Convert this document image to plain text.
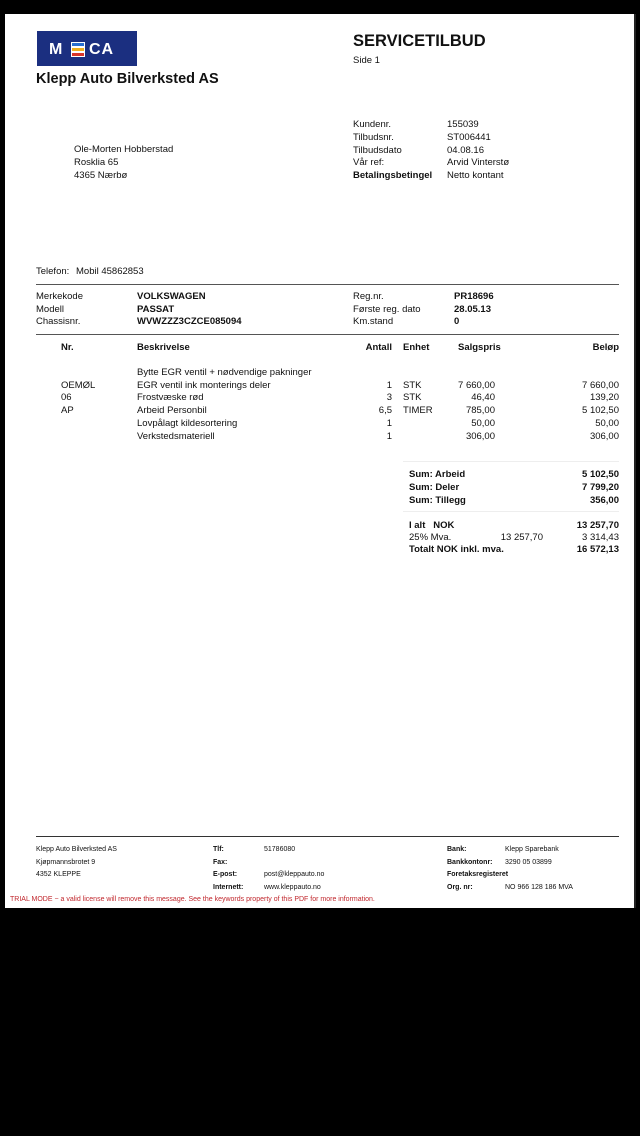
M CA
Klepp Auto Bilverksted AS
SERVICETILBUD
Side 1
Ole-Morten Hobberstad
Rosklia 65
4365 Nærbø
Kundenr.	155039
Tilbudsnr.	ST006441
Tilbudsdato	04.08.16
Vår ref:	Arvid Vinterstø
Betalingsbetingel Netto kontant
Telefon: Mobil 45862853
Merkekode	VOLKSWAGEN
Modell	PASSAT
Chassisnr.	WVWZZZ3CZCE085094
Reg.nr.	PR18696
Første reg. dato	28.05.13
Km.stand	0
Nr.	Beskrivelse	Antall Enhet	Salgspris	Beløp
Bytte EGR ventil + nødvendige pakninger
OEMØL	EGR ventil ink monterings deler	1 STK	7 660,00	7 660,00
06	Frostvæske rød	3 STK	46,40	139,20
AP	Arbeid Personbil	6,5 TIMER	785,00	5 102,50
Lovpålagt kildesortering	1	50,00	50,00
Verkstedsmateriell	1	306,00	306,00
Sum: Arbeid	5 102,50
Sum: Deler	7 799,20
Sum: Tillegg	356,00
I alt   NOK	13 257,70
25% Mva.	13 257,70	3 314,43
Totalt NOK inkl. mva.	16 572,13
Klepp Auto Bilverksted AS
Kjøpmannsbrotet 9
4352 KLEPPE
Tlf:	51786080
Fax:
E-post:	post@kleppauto.no
Internett:	www.kleppauto.no
Bank:	Klepp Sparebank
Bankkontonr: 3290 05 03899
Foretaksregisteret
Org. nr:	NO 966 128 186 MVA
TRIAL MODE − a valid license will remove this message. See the keywords property of this PDF for more information.
